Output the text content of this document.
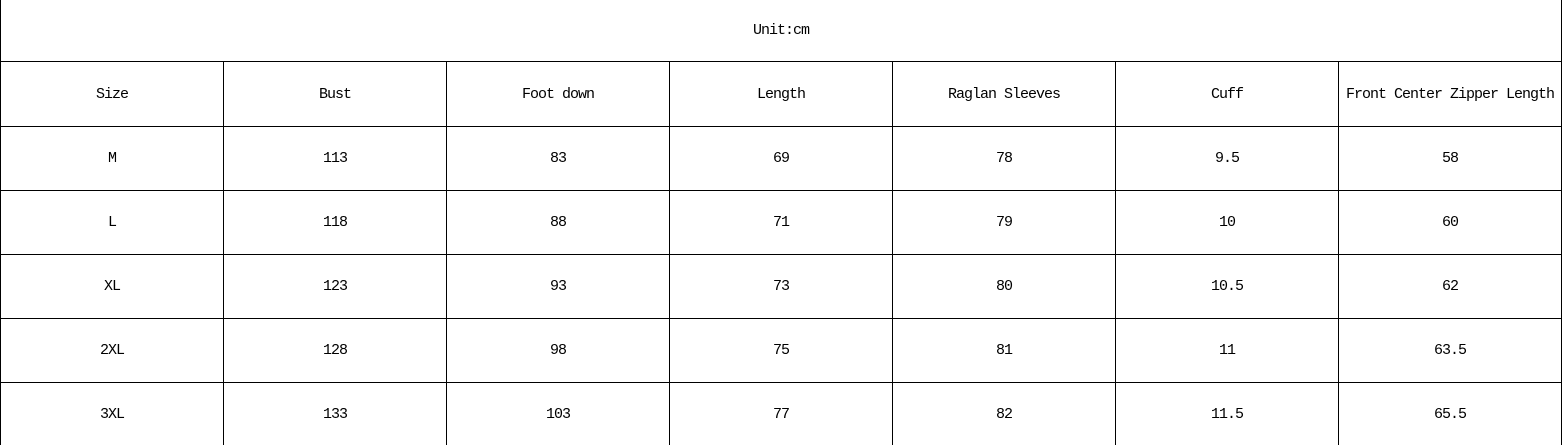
Unit:cm						
Size	Bust	Foot down	Length	Raglan Sleeves	Cuff	Front Center Zipper Length
M	113	83	69	78	9.5	58
L	118	88	71	79	10	60
XL	123	93	73	80	10.5	62
2XL	128	98	75	81	11	63.5
3XL	133	103	77	82	11.5	65.5
